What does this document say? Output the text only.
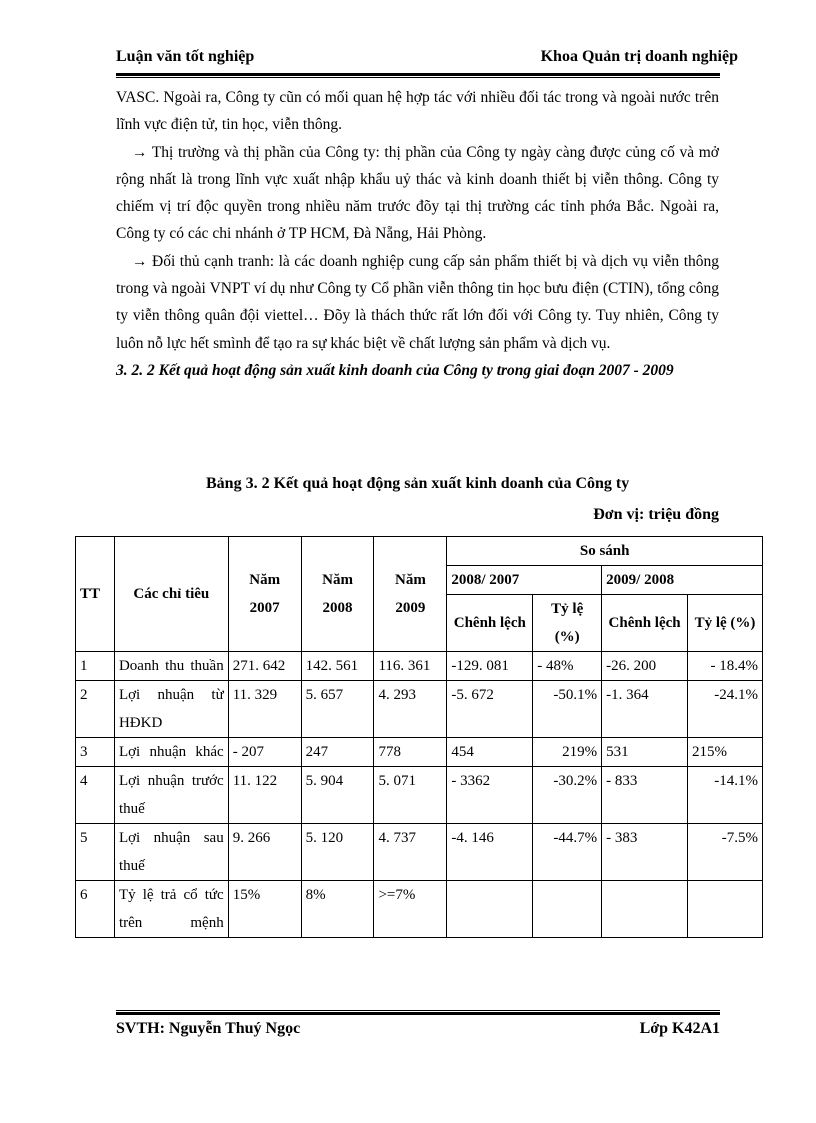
Luận văn tốt nghiệp	Khoa Quản trị doanh nghiệp

VASC. Ngoài ra, Công ty cũn có mối quan hệ hợp tác với nhiều đối tác trong và ngoài nước trên lĩnh vực điện tử, tin học, viễn thông.

→ Thị trường và thị phần của Công ty: thị phần của Công ty ngày càng được củng cố và mở rộng nhất là trong lĩnh vực xuất nhập khẩu uỷ thác và kinh doanh thiết bị viễn thông. Công ty chiếm vị trí độc quyền trong nhiều năm trước đõy tại thị trường các tỉnh phớa Bắc. Ngoài ra, Công ty có các chi nhánh ở TP HCM, Đà Nẵng, Hải Phòng.

→ Đối thủ cạnh tranh: là các doanh nghiệp cung cấp sản phẩm thiết bị và dịch vụ viễn thông trong và ngoài VNPT ví dụ như Công ty Cổ phần viễn thông tin học bưu điện (CTIN), tổng công ty viễn thông quân đội viettel… Đõy là thách thức rất lớn đối với Công ty. Tuy nhiên, Công ty luôn nỗ lực hết smình để tạo ra sự khác biệt về chất lượng sản phẩm và dịch vụ.

3. 2. 2 Kết quả hoạt động sản xuất kinh doanh của Công ty trong giai đoạn 2007 - 2009

Bảng 3. 2 Kết quả hoạt động sản xuất kinh doanh của Công ty
Đơn vị: triệu đồng
TT	Các chỉ tiêu	Năm 2007	Năm 2008	Năm 2009	So sánh			
					2008/ 2007		2009/ 2008	
					Chênh lệch	Tỷ lệ (%)	Chênh lệch	Tỷ lệ (%)
1	Doanh thu thuần	271. 642	142. 561	116. 361	-129. 081	- 48%	-26. 200	- 18.4%
2	Lợi nhuận từ HĐKD	11. 329	5. 657	4. 293	-5. 672	-50.1%	-1. 364	-24.1%
3	Lợi nhuận khác	- 207	247	778	454	219%	531	215%
4	Lợi nhuận trước thuế	11. 122	5. 904	5. 071	- 3362	-30.2%	- 833	-14.1%
5	Lợi nhuận sau thuế	9. 266	5. 120	4. 737	-4. 146	-44.7%	- 383	-7.5%
6	Tỷ lệ trả cổ tức trên mệnh	15%	8%	>=7%				
SVTH: Nguyễn Thuý Ngọc	Lớp K42A1
